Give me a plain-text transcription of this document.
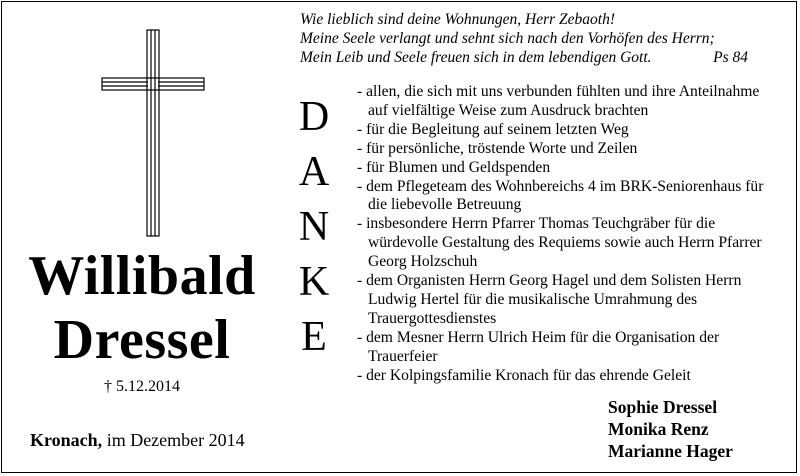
Willibald
Dressel
† 5.12.2014
Kronach, im Dezember 2014
Wie lieblich sind deine Wohnungen, Herr Zebaoth!
Meine Seele verlangt und sehnt sich nach den Vorhöfen des Herrn;
Mein Leib und Seele freuen sich in dem lebendigen Gott.	Ps 84
D
A
N
K
E
- allen, die sich mit uns verbunden fühlten und ihre Anteilnahme auf vielfältige Weise zum Ausdruck brachten
- für die Begleitung auf seinem letzten Weg
- für persönliche, tröstende Worte und Zeilen
- für Blumen und Geldspenden
- dem Pflegeteam des Wohnbereichs 4 im BRK-Seniorenhaus für die liebevolle Betreuung
- insbesondere Herrn Pfarrer Thomas Teuchgräber für die würdevolle Gestaltung des Requiems sowie auch Herrn Pfarrer Georg Holzschuh
- dem Organisten Herrn Georg Hagel und dem Solisten Herrn Ludwig Hertel für die musikalische Umrahmung des Trauergottesdienstes
- dem Mesner Herrn Ulrich Heim für die Organisation der Trauerfeier
- der Kolpingsfamilie Kronach für das ehrende Geleit
Sophie Dressel
Monika Renz
Marianne Hager
